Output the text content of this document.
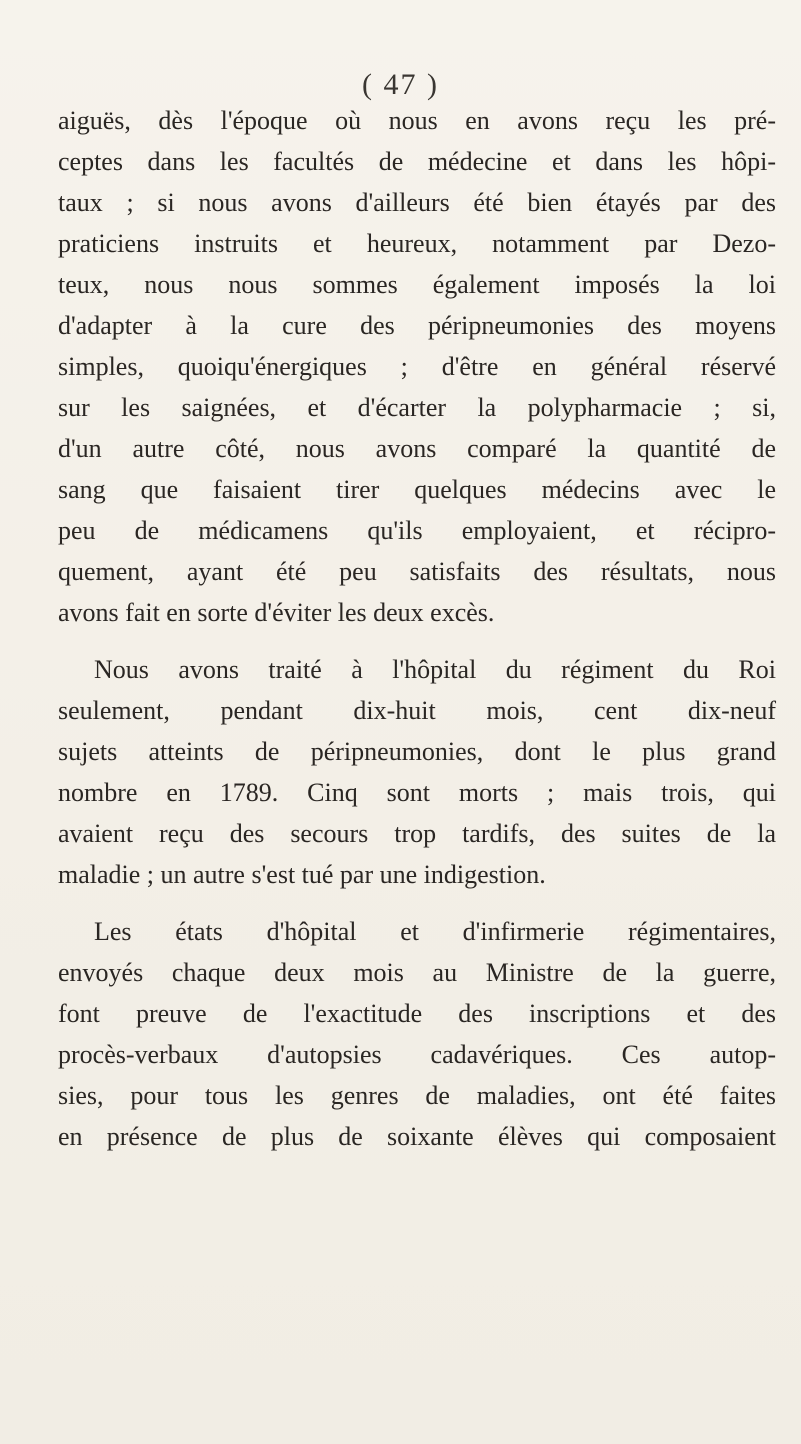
( 47 )

aiguës, dès l'époque où nous en avons reçu les pré-
ceptes dans les facultés de médecine et dans les hôpi-
taux ; si nous avons d'ailleurs été bien étayés par des
praticiens instruits et heureux, notamment par Dezo-
teux, nous nous sommes également imposés la loi
d'adapter à la cure des péripneumonies des moyens
simples, quoiqu'énergiques ; d'être en général réservé
sur les saignées, et d'écarter la polypharmacie ; si,
d'un autre côté, nous avons comparé la quantité de
sang que faisaient tirer quelques médecins avec le
peu de médicamens qu'ils employaient, et récipro-
quement, ayant été peu satisfaits des résultats, nous
avons fait en sorte d'éviter les deux excès.

Nous avons traité à l'hôpital du régiment du Roi
seulement, pendant dix-huit mois, cent dix-neuf
sujets atteints de péripneumonies, dont le plus grand
nombre en 1789. Cinq sont morts ; mais trois, qui
avaient reçu des secours trop tardifs, des suites de la
maladie ; un autre s'est tué par une indigestion.

Les états d'hôpital et d'infirmerie régimentaires,
envoyés chaque deux mois au Ministre de la guerre,
font preuve de l'exactitude des inscriptions et des
procès-verbaux d'autopsies cadavériques. Ces autop-
sies, pour tous les genres de maladies, ont été faites
en présence de plus de soixante élèves qui composaient
